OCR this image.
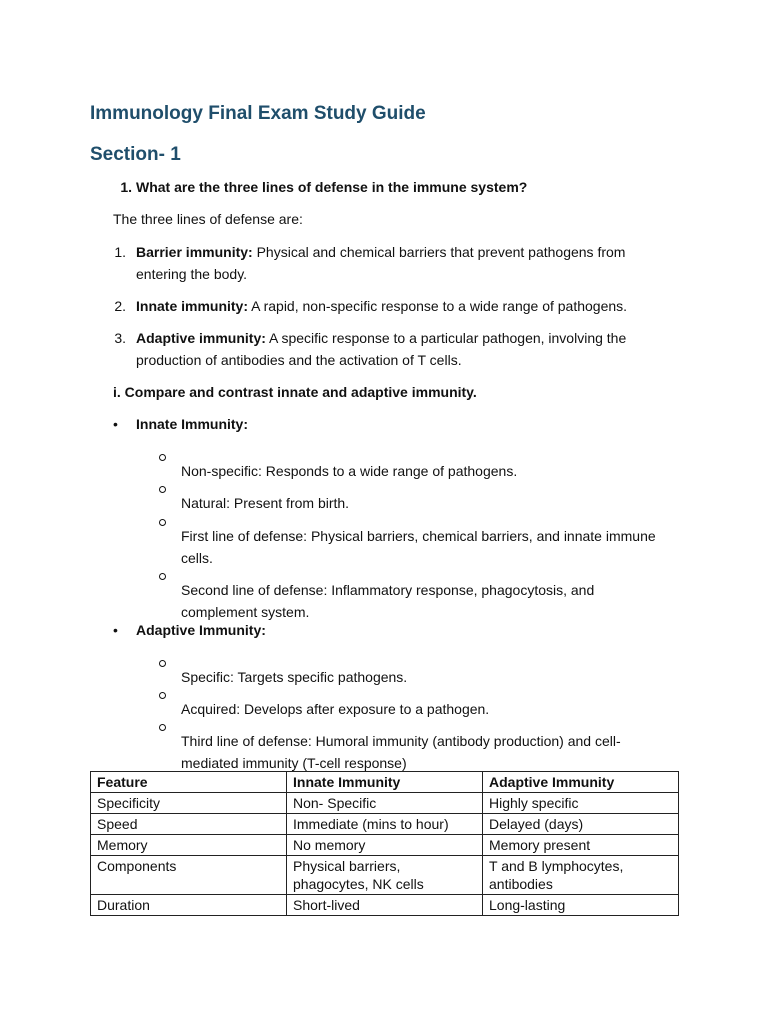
Immunology Final Exam Study Guide
Section- 1
1. What are the three lines of defense in the immune system?

The three lines of defense are:

1. Barrier immunity: Physical and chemical barriers that prevent pathogens from

entering the body.

2. Innate immunity: A rapid, non-specific response to a wide range of pathogens.

3. Adaptive immunity: A specific response to a particular pathogen, involving the

production of antibodies and the activation of T cells.

i. Compare and contrast innate and adaptive immunity.

•	Innate Immunity:

Non-specific: Responds to a wide range of pathogens.

Natural: Present from birth.

First line of defense: Physical barriers, chemical barriers, and innate immune

cells.

Second line of defense: Inflammatory response, phagocytosis, and

complement system.

•	Adaptive Immunity:

Specific: Targets specific pathogens.

Acquired: Develops after exposure to a pathogen.

Third line of defense: Humoral immunity (antibody production) and cell-

mediated immunity (T-cell response)

Feature	Innate Immunity	Adaptive Immunity
Specificity	Non- Specific	Highly specific
Speed	Immediate (mins to hour)	Delayed (days)
Memory	No memory	Memory present
Components	Physical barriers,
phagocytes, NK cells	T and B lymphocytes,
antibodies
Duration	Short-lived	Long-lasting
